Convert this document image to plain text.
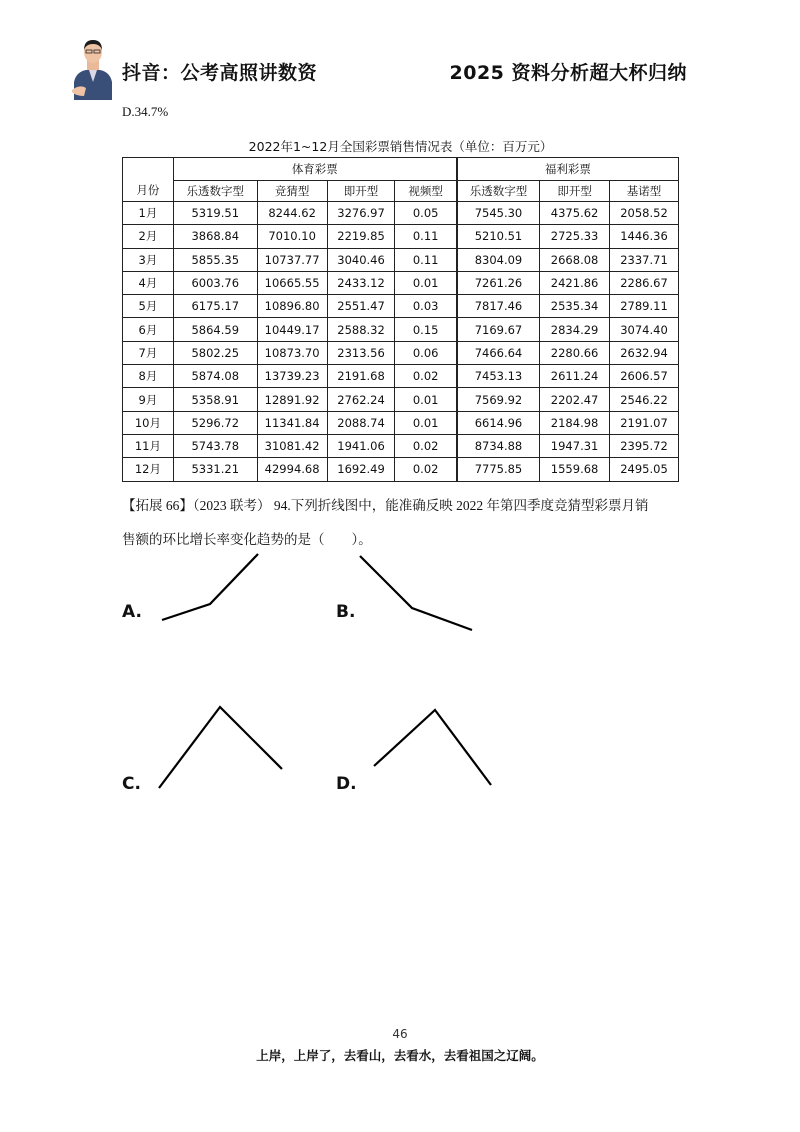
抖音：公考高照讲数资	2025 资料分析超大杯归纳
D.34.7%
2022年1~12月全国彩票销售情况表（单位：百万元）
月份	体育彩票				福利彩票		
	乐透数字型	竞猜型	即开型	视频型	乐透数字型	即开型	基诺型
1月	5319.51	8244.62	3276.97	0.05	7545.30	4375.62	2058.52
2月	3868.84	7010.10	2219.85	0.11	5210.51	2725.33	1446.36
3月	5855.35	10737.77	3040.46	0.11	8304.09	2668.08	2337.71
4月	6003.76	10665.55	2433.12	0.01	7261.26	2421.86	2286.67
5月	6175.17	10896.80	2551.47	0.03	7817.46	2535.34	2789.11
6月	5864.59	10449.17	2588.32	0.15	7169.67	2834.29	3074.40
7月	5802.25	10873.70	2313.56	0.06	7466.64	2280.66	2632.94
8月	5874.08	13739.23	2191.68	0.02	7453.13	2611.24	2606.57
9月	5358.91	12891.92	2762.24	0.01	7569.92	2202.47	2546.22
10月	5296.72	11341.84	2088.74	0.01	6614.96	2184.98	2191.07
11月	5743.78	31081.42	1941.06	0.02	8734.88	1947.31	2395.72
12月	5331.21	42994.68	1692.49	0.02	7775.85	1559.68	2495.05
【拓展 66】（2023 联考） 94.下列折线图中，能准确反映 2022 年第四季度竞猜型彩票月销
售额的环比增长率变化趋势的是（　　）。
A.	B.
C.	D.
46
上岸，上岸了，去看山，去看水，去看祖国之辽阔。
